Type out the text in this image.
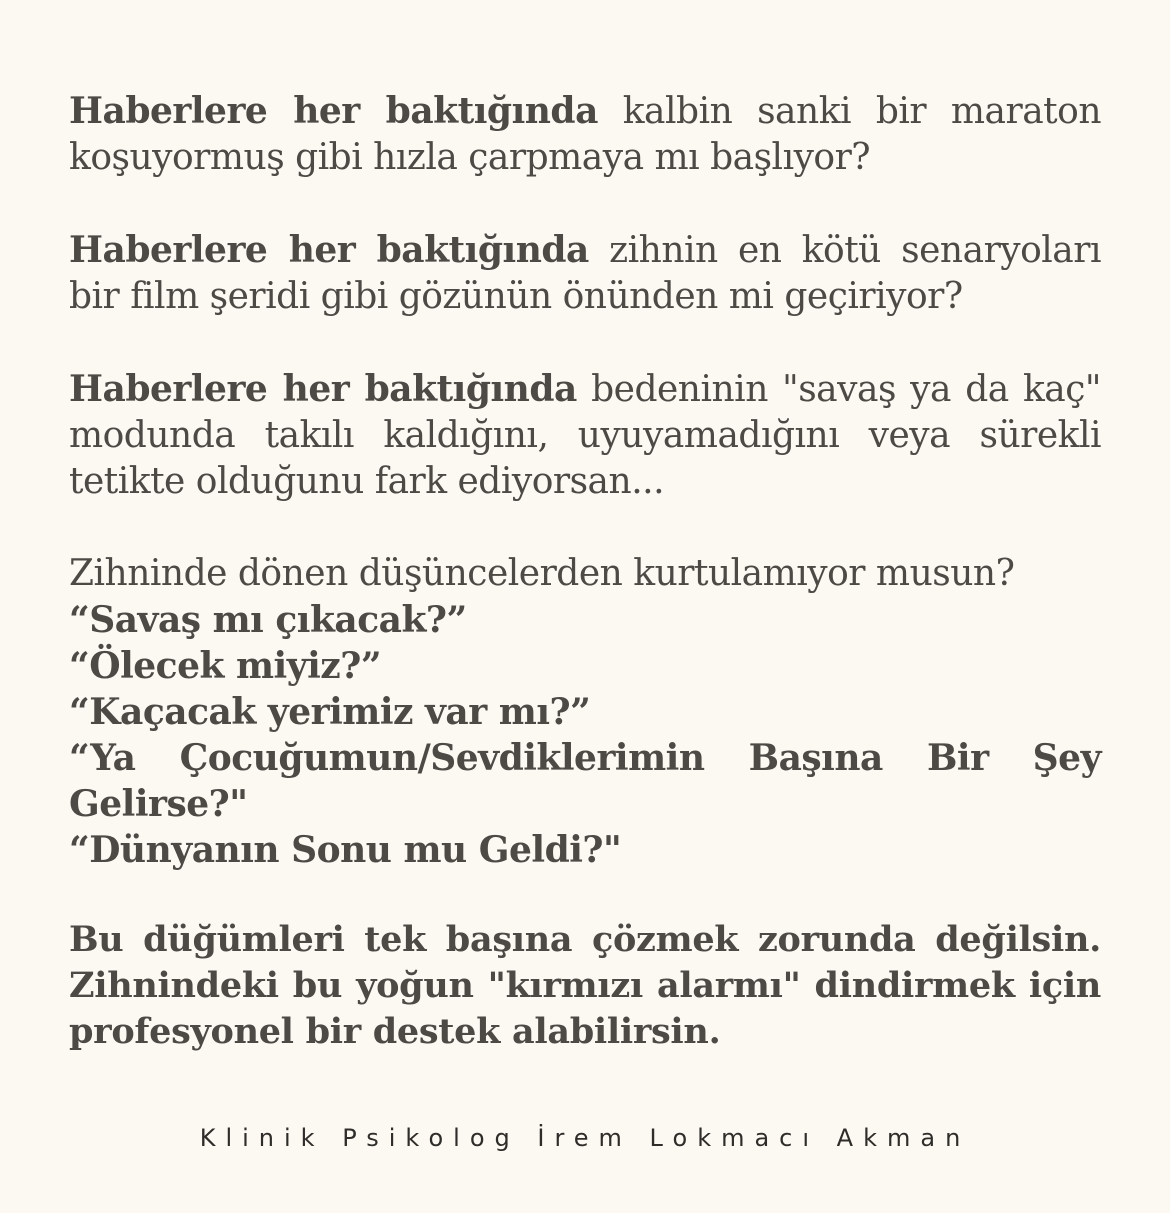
Haberlere her baktığında kalbin sanki bir maraton koşuyormuş gibi hızla çarpmaya mı başlıyor?

Haberlere her baktığında zihnin en kötü senaryoları bir film şeridi gibi gözünün önünden mi geçiriyor?

Haberlere her baktığında bedeninin "savaş ya da kaç" modunda takılı kaldığını, uyuyamadığını veya sürekli tetikte olduğunu fark ediyorsan...

Zihninde dönen düşüncelerden kurtulamıyor musun?
“Savaş mı çıkacak?”
“Ölecek miyiz?”
“Kaçacak yerimiz var mı?”
“Ya Çocuğumun/Sevdiklerimin Başına Bir Şey
Gelirse?"
“Dünyanın Sonu mu Geldi?"

Bu düğümleri tek başına çözmek zorunda değilsin. Zihnindeki bu yoğun "kırmızı alarmı" dindirmek için profesyonel bir destek alabilirsin.

Klinik Psikolog İrem Lokmacı Akman
